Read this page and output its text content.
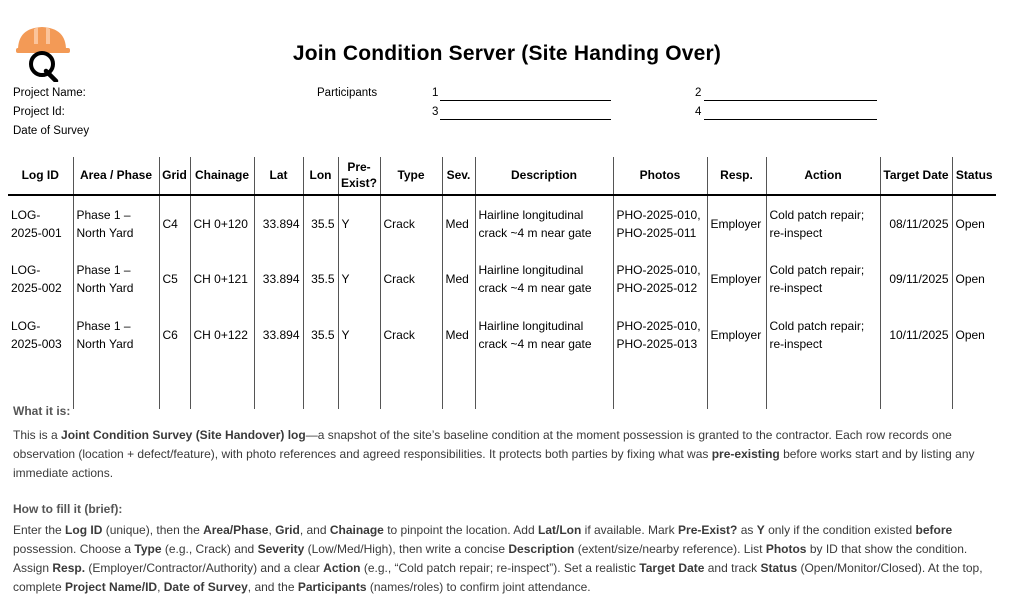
Join Condition Server (Site Handing Over)
Project Name:
Project Id:
Date of Survey
Participants	1	2
3	4
Log ID	Area / Phase	Grid	Chainage	Lat	Lon	Pre-Exist?	Type	Sev.	Description	Photos	Resp.	Action	Target Date	Status
LOG-2025-001	Phase 1 – North Yard	C4	CH 0+120	33.894	35.5	Y	Crack	Med	Hairline longitudinal crack ~4 m near gate	PHO-2025-010, PHO-2025-011	Employer	Cold patch repair; re-inspect	08/11/2025	Open
LOG-2025-002	Phase 1 – North Yard	C5	CH 0+121	33.894	35.5	Y	Crack	Med	Hairline longitudinal crack ~4 m near gate	PHO-2025-010, PHO-2025-012	Employer	Cold patch repair; re-inspect	09/11/2025	Open
LOG-2025-003	Phase 1 – North Yard	C6	CH 0+122	33.894	35.5	Y	Crack	Med	Hairline longitudinal crack ~4 m near gate	PHO-2025-010, PHO-2025-013	Employer	Cold patch repair; re-inspect	10/11/2025	Open

What it is:
This is a Joint Condition Survey (Site Handover) log—a snapshot of the site’s baseline condition at the moment possession is granted to the contractor. Each row records one observation (location + defect/feature), with photo references and agreed responsibilities. It protects both parties by fixing what was pre-existing before works start and by listing any immediate actions.
How to fill it (brief):
Enter the Log ID (unique), then the Area/Phase, Grid, and Chainage to pinpoint the location. Add Lat/Lon if available. Mark Pre-Exist? as Y only if the condition existed before possession. Choose a Type (e.g., Crack) and Severity (Low/Med/High), then write a concise Description (extent/size/nearby reference). List Photos by ID that show the condition. Assign Resp. (Employer/Contractor/Authority) and a clear Action (e.g., “Cold patch repair; re-inspect”). Set a realistic Target Date and track Status (Open/Monitor/Closed). At the top, complete Project Name/ID, Date of Survey, and the Participants (names/roles) to confirm joint attendance.
